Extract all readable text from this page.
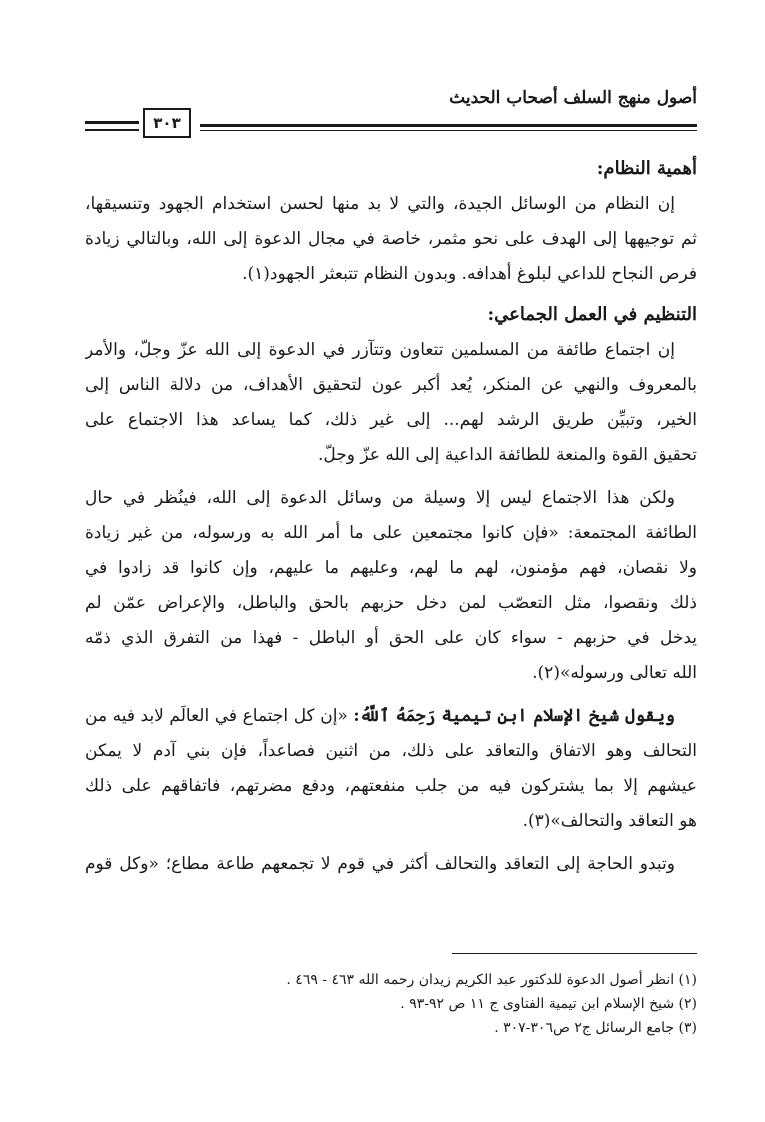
أصول منهج السلف أصحاب الحديث
٣٠٣
أهمية النظام:
إن النظام من الوسائل الجيدة، والتي لا بد منها لحسن استخدام الجهود وتنسيقها،
ثم توجيهها إلى الهدف على نحو مثمر، خاصة في مجال الدعوة إلى الله، وبالتالي زيادة
فرص النجاح للداعي لبلوغ أهدافه. وبدون النظام تتبعثر الجهود(١).
التنظيم في العمل الجماعي:
إن اجتماع طائفة من المسلمين تتعاون وتتآزر في الدعوة إلى الله عزّ وجلّ، والأمر
بالمعروف والنهي عن المنكر، يُعد أكبر عون لتحقيق الأهداف، من دلالة الناس إلى
الخير، وتبيِّن طريق الرشد لهم... إلى غير ذلك، كما يساعد هذا الاجتماع على
تحقيق القوة والمنعة للطائفة الداعية إلى الله عزّ وجلّ.
ولكن هذا الاجتماع ليس إلا وسيلة من وسائل الدعوة إلى الله، فينُظر في حال
الطائفة المجتمعة: «فإن كانوا مجتمعين على ما أمر الله به ورسوله، من غير زيادة
ولا نقصان، فهم مؤمنون، لهم ما لهم، وعليهم ما عليهم، وإن كانوا قد زادوا في
ذلك ونقصوا، مثل التعصّب لمن دخل حزبهم بالحق والباطل، والإعراض عمّن لم
يدخل في حزبهم - سواء كان على الحق أو الباطل - فهذا من التفرق الذي ذمّه
الله تعالى ورسوله»(٢).
ويقول شيخ الإسلام ابن تيمية رَحِمَهُ ٱللَّهُ: «إن كل اجتماع في العالَم لابد فيه من
التحالف وهو الاتفاق والتعاقد على ذلك، من اثنين فصاعداً، فإن بني آدم لا يمكن
عيشهم إلا بما يشتركون فيه من جلب منفعتهم، ودفع مضرتهم، فاتفاقهم على ذلك
هو التعاقد والتحالف»(٣).
وتبدو الحاجة إلى التعاقد والتحالف أكثر في قوم لا تجمعهم طاعة مطاع؛ «وكل قوم
(١) انظر أصول الدعوة للدكتور عبد الكريم زيدان رحمه الله ٤٦٣ - ٤٦٩ .
(٢) شيخ الإسلام ابن تيمية الفتاوى ج ١١ ص ٩٢-٩٣ .
(٣) جامع الرسائل ج٢ ص٣٠٦-٣٠٧ .
